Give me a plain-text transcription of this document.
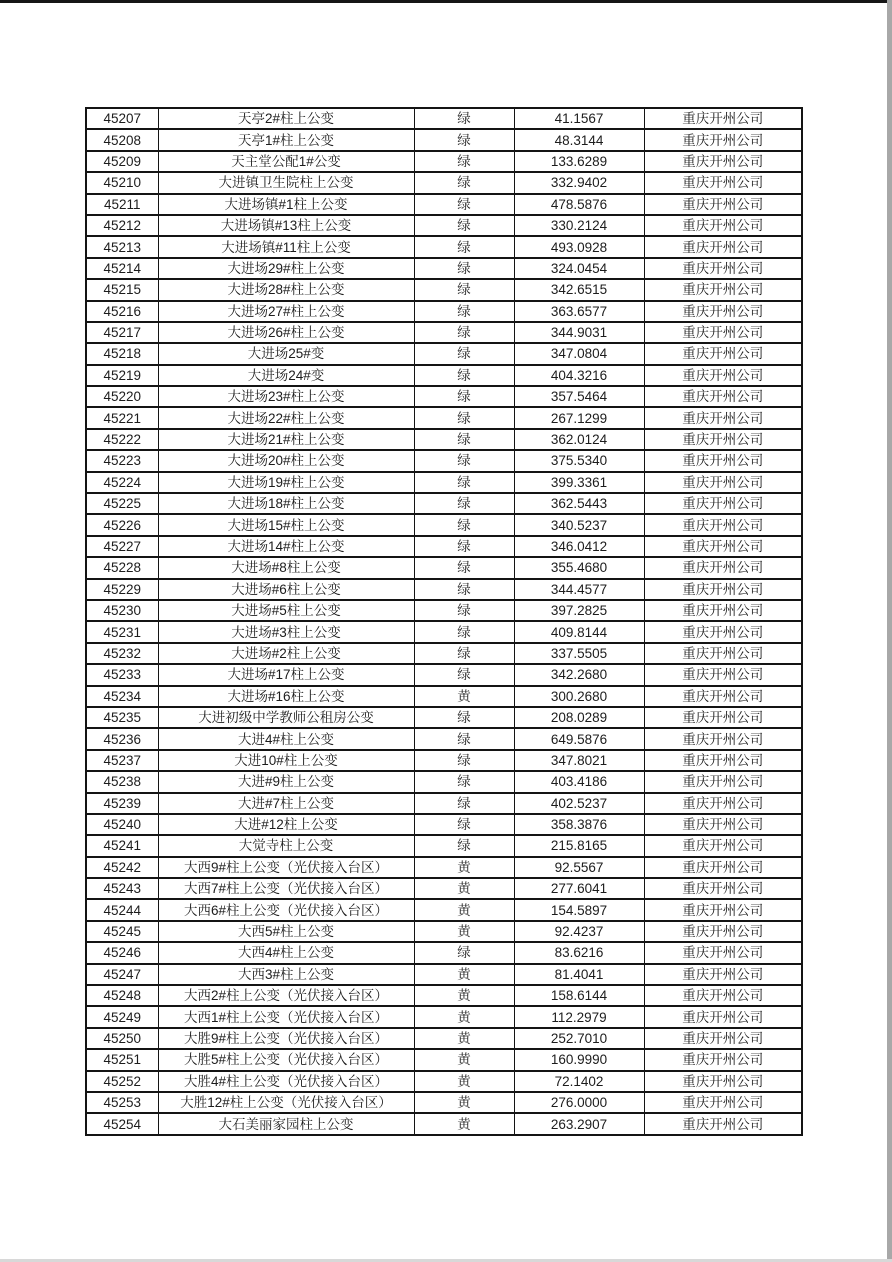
45207	天亭2#柱上公变	绿	41.1567	重庆开州公司
45208	天亭1#柱上公变	绿	48.3144	重庆开州公司
45209	天主堂公配1#公变	绿	133.6289	重庆开州公司
45210	大进镇卫生院柱上公变	绿	332.9402	重庆开州公司
45211	大进场镇#1柱上公变	绿	478.5876	重庆开州公司
45212	大进场镇#13柱上公变	绿	330.2124	重庆开州公司
45213	大进场镇#11柱上公变	绿	493.0928	重庆开州公司
45214	大进场29#柱上公变	绿	324.0454	重庆开州公司
45215	大进场28#柱上公变	绿	342.6515	重庆开州公司
45216	大进场27#柱上公变	绿	363.6577	重庆开州公司
45217	大进场26#柱上公变	绿	344.9031	重庆开州公司
45218	大进场25#变	绿	347.0804	重庆开州公司
45219	大进场24#变	绿	404.3216	重庆开州公司
45220	大进场23#柱上公变	绿	357.5464	重庆开州公司
45221	大进场22#柱上公变	绿	267.1299	重庆开州公司
45222	大进场21#柱上公变	绿	362.0124	重庆开州公司
45223	大进场20#柱上公变	绿	375.5340	重庆开州公司
45224	大进场19#柱上公变	绿	399.3361	重庆开州公司
45225	大进场18#柱上公变	绿	362.5443	重庆开州公司
45226	大进场15#柱上公变	绿	340.5237	重庆开州公司
45227	大进场14#柱上公变	绿	346.0412	重庆开州公司
45228	大进场#8柱上公变	绿	355.4680	重庆开州公司
45229	大进场#6柱上公变	绿	344.4577	重庆开州公司
45230	大进场#5柱上公变	绿	397.2825	重庆开州公司
45231	大进场#3柱上公变	绿	409.8144	重庆开州公司
45232	大进场#2柱上公变	绿	337.5505	重庆开州公司
45233	大进场#17柱上公变	绿	342.2680	重庆开州公司
45234	大进场#16柱上公变	黄	300.2680	重庆开州公司
45235	大进初级中学教师公租房公变	绿	208.0289	重庆开州公司
45236	大进4#柱上公变	绿	649.5876	重庆开州公司
45237	大进10#柱上公变	绿	347.8021	重庆开州公司
45238	大进#9柱上公变	绿	403.4186	重庆开州公司
45239	大进#7柱上公变	绿	402.5237	重庆开州公司
45240	大进#12柱上公变	绿	358.3876	重庆开州公司
45241	大觉寺柱上公变	绿	215.8165	重庆开州公司
45242	大西9#柱上公变（光伏接入台区）	黄	92.5567	重庆开州公司
45243	大西7#柱上公变（光伏接入台区）	黄	277.6041	重庆开州公司
45244	大西6#柱上公变（光伏接入台区）	黄	154.5897	重庆开州公司
45245	大西5#柱上公变	黄	92.4237	重庆开州公司
45246	大西4#柱上公变	绿	83.6216	重庆开州公司
45247	大西3#柱上公变	黄	81.4041	重庆开州公司
45248	大西2#柱上公变（光伏接入台区）	黄	158.6144	重庆开州公司
45249	大西1#柱上公变（光伏接入台区）	黄	112.2979	重庆开州公司
45250	大胜9#柱上公变（光伏接入台区）	黄	252.7010	重庆开州公司
45251	大胜5#柱上公变（光伏接入台区）	黄	160.9990	重庆开州公司
45252	大胜4#柱上公变（光伏接入台区）	黄	72.1402	重庆开州公司
45253	大胜12#柱上公变（光伏接入台区）	黄	276.0000	重庆开州公司
45254	大石美丽家园柱上公变	黄	263.2907	重庆开州公司
